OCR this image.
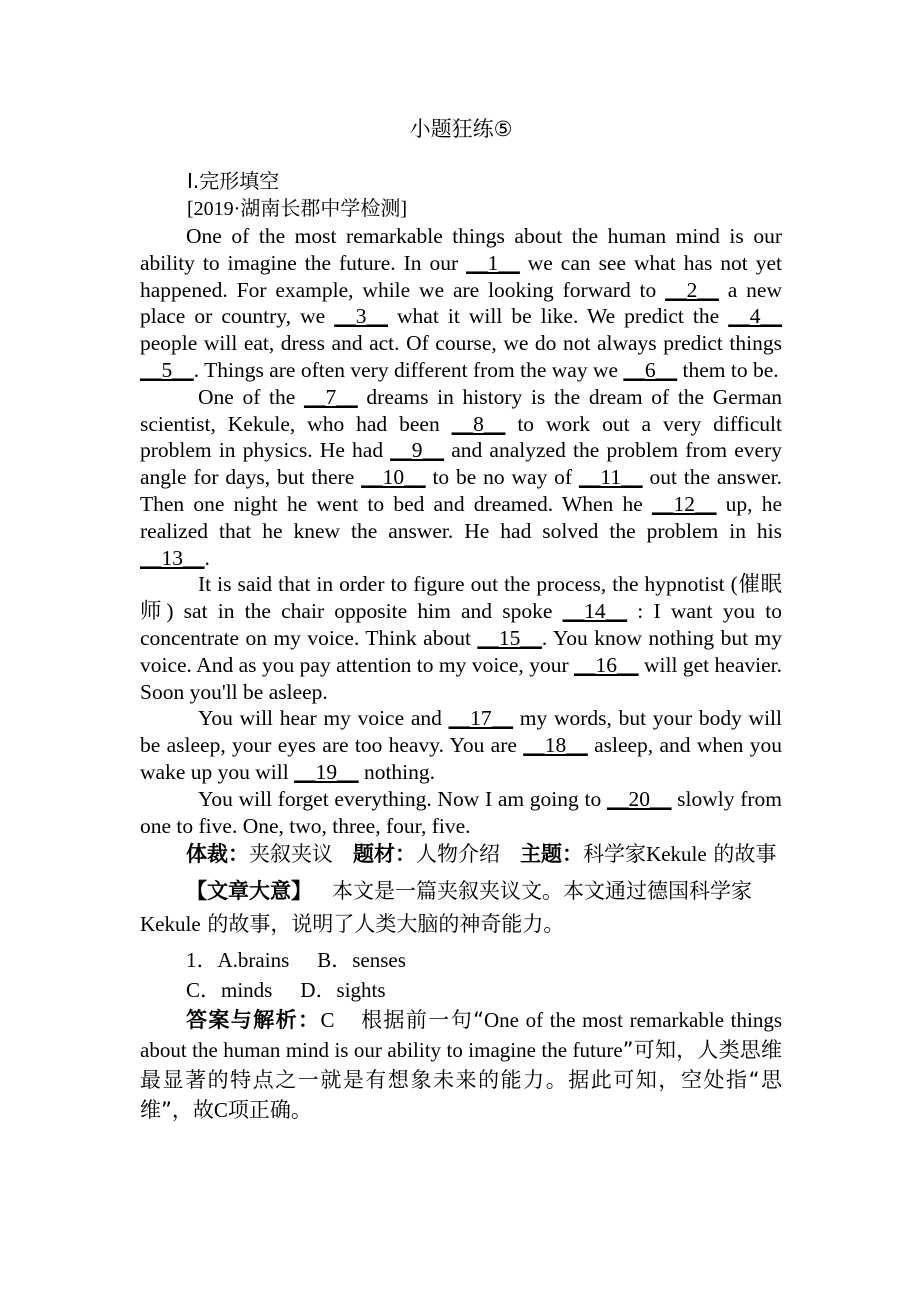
小题狂练⑤
Ⅰ.完形填空
[2019·湖南长郡中学检测]

One of the most remarkable things about the human mind is our ability to imagine the future. In our __1__ we can see what has not yet happened. For example, while we are looking forward to __2__ a new place or country, we __3__ what it will be like. We predict the __4__ people will eat, dress and act. Of course, we do not always predict things __5__. Things are often very different from the way we __6__ them to be.

One of the __7__ dreams in history is the dream of the German scientist, Kekule, who had been __8__ to work out a very difficult problem in physics. He had __9__ and analyzed the problem from every angle for days, but there __10__ to be no way of __11__ out the answer. Then one night he went to bed and dreamed. When he __12__ up, he realized that he knew the answer. He had solved the problem in his __13__.

It is said that in order to figure out the process, the hypnotist (催眠师) sat in the chair opposite him and spoke __14__ : I want you to concentrate on my voice. Think about __15__. You know nothing but my voice. And as you pay attention to my voice, your __16__ will get heavier. Soon you'll be asleep.

You will hear my voice and __17__ my words, but your body will be asleep, your eyes are too heavy. You are __18__ asleep, and when you wake up you will __19__ nothing.

You will forget everything. Now I am going to __20__ slowly from one to five. One, two, three, four, five.

体裁：夹叙夹议 题材：人物介绍 主题：科学家Kekule 的故事

【文章大意】 本文是一篇夹叙夹议文。本文通过德国科学家Kekule 的故事，说明了人类大脑的神奇能力。

1．A.brains B．senses
C．minds D．sights

答案与解析：C 根据前一句“One of the most remarkable things about the human mind is our ability to imagine the future”可知，人类思维最显著的特点之一就是有想象未来的能力。据此可知，空处指“思维”，故C项正确。
